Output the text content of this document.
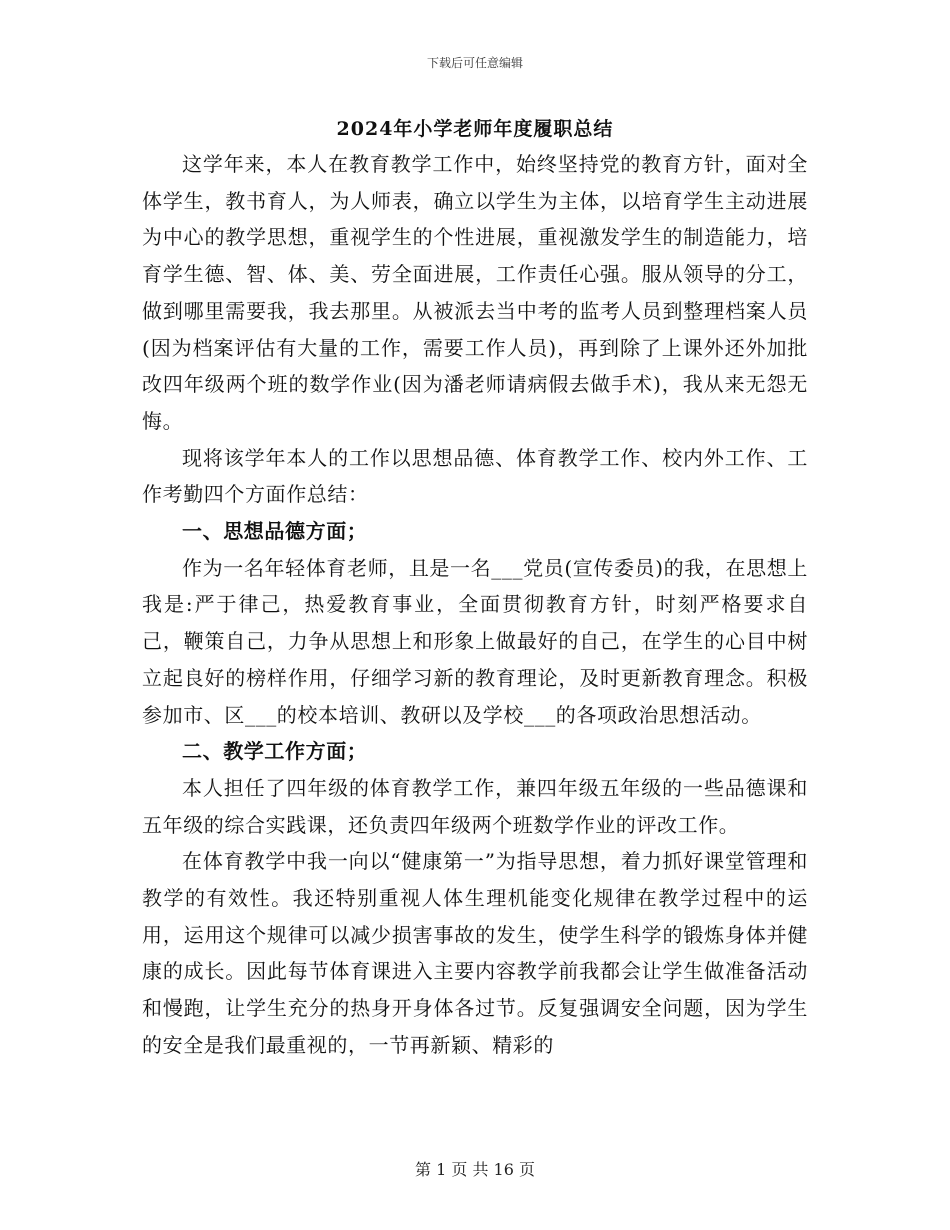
下载后可任意编辑
2024年小学老师年度履职总结

这学年来，本人在教育教学工作中，始终坚持党的教育方针，面对全体学生，教书育人，为人师表，确立以学生为主体，以培育学生主动进展为中心的教学思想，重视学生的个性进展，重视激发学生的制造能力，培育学生德、智、体、美、劳全面进展，工作责任心强。服从领导的分工，做到哪里需要我，我去那里。从被派去当中考的监考人员到整理档案人员(因为档案评估有大量的工作，需要工作人员)，再到除了上课外还外加批改四年级两个班的数学作业(因为潘老师请病假去做手术)，我从来无怨无悔。

现将该学年本人的工作以思想品德、体育教学工作、校内外工作、工作考勤四个方面作总结：

一、思想品德方面；

作为一名年轻体育老师，且是一名___党员(宣传委员)的我，在思想上我是:严于律己，热爱教育事业，全面贯彻教育方针，时刻严格要求自己，鞭策自己，力争从思想上和形象上做最好的自己，在学生的心目中树立起良好的榜样作用，仔细学习新的教育理论，及时更新教育理念。积极参加市、区___的校本培训、教研以及学校___的各项政治思想活动。

二、教学工作方面；

本人担任了四年级的体育教学工作，兼四年级五年级的一些品德课和五年级的综合实践课，还负责四年级两个班数学作业的评改工作。

在体育教学中我一向以“健康第一”为指导思想，着力抓好课堂管理和教学的有效性。我还特别重视人体生理机能变化规律在教学过程中的运用，运用这个规律可以减少损害事故的发生，使学生科学的锻炼身体并健康的成长。因此每节体育课进入主要内容教学前我都会让学生做准备活动和慢跑，让学生充分的热身开身体各过节。反复强调安全问题，因为学生的安全是我们最重视的，一节再新颖、精彩的

第 1 页 共 16 页
